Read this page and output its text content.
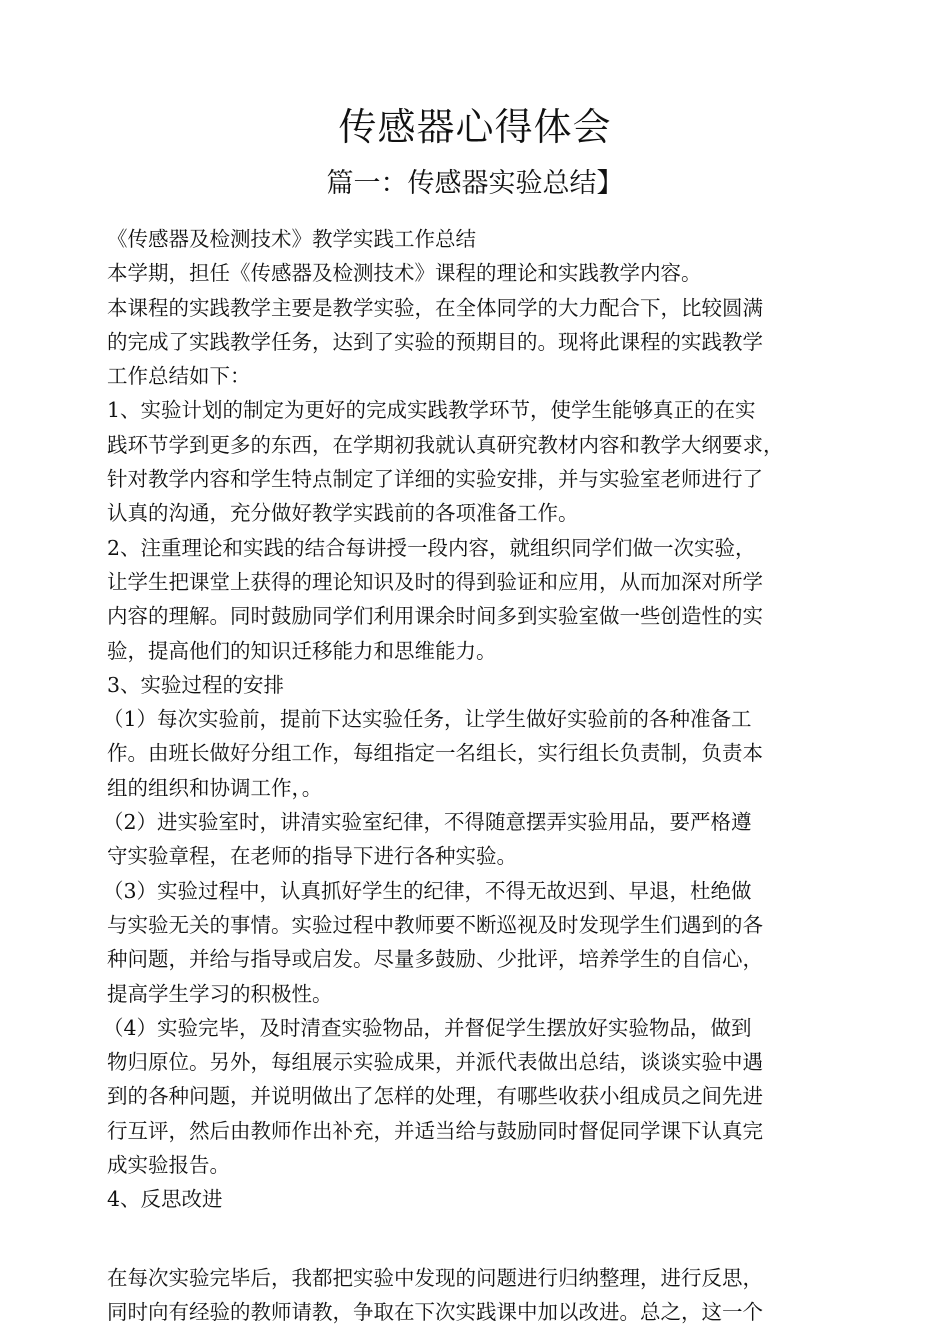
传感器心得体会
篇一：传感器实验总结】

《传感器及检测技术》教学实践工作总结

本学期，担任《传感器及检测技术》课程的理论和实践教学内容。

本课程的实践教学主要是教学实验，在全体同学的大力配合下，比较圆满

的完成了实践教学任务，达到了实验的预期目的。现将此课程的实践教学

工作总结如下：

1、实验计划的制定为更好的完成实践教学环节，使学生能够真正的在实

践环节学到更多的东西，在学期初我就认真研究教材内容和教学大纲要求，

针对教学内容和学生特点制定了详细的实验安排，并与实验室老师进行了

认真的沟通，充分做好教学实践前的各项准备工作。

2、注重理论和实践的结合每讲授一段内容，就组织同学们做一次实验，

让学生把课堂上获得的理论知识及时的得到验证和应用，从而加深对所学

内容的理解。同时鼓励同学们利用课余时间多到实验室做一些创造性的实

验，提高他们的知识迁移能力和思维能力。

3、实验过程的安排

（1）每次实验前，提前下达实验任务，让学生做好实验前的各种准备工

作。由班长做好分组工作，每组指定一名组长，实行组长负责制，负责本

组的组织和协调工作，。

（2）进实验室时，讲清实验室纪律，不得随意摆弄实验用品，要严格遵

守实验章程，在老师的指导下进行各种实验。

（3）实验过程中，认真抓好学生的纪律，不得无故迟到、早退，杜绝做

与实验无关的事情。实验过程中教师要不断巡视及时发现学生们遇到的各

种问题，并给与指导或启发。尽量多鼓励、少批评，培养学生的自信心，

提高学生学习的积极性。

（4）实验完毕，及时清查实验物品，并督促学生摆放好实验物品，做到

物归原位。另外，每组展示实验成果，并派代表做出总结，谈谈实验中遇

到的各种问题，并说明做出了怎样的处理，有哪些收获小组成员之间先进

行互评，然后由教师作出补充，并适当给与鼓励同时督促同学课下认真完

成实验报告。

4、反思改进

在每次实验完毕后，我都把实验中发现的问题进行归纳整理，进行反思，

同时向有经验的教师请教，争取在下次实践课中加以改进。总之，这一个
